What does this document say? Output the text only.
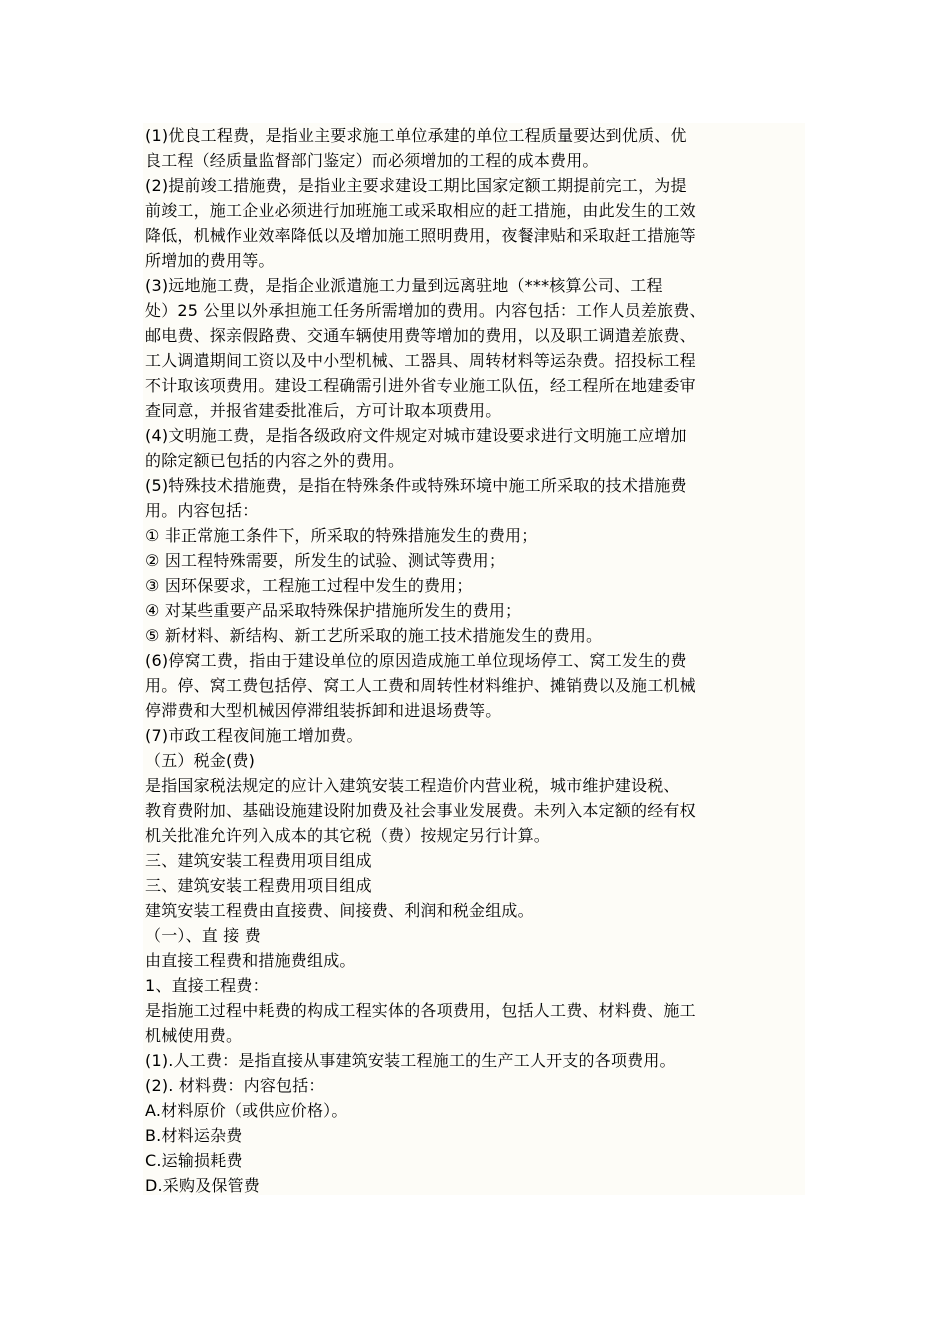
(1)优良工程费，是指业主要求施工单位承建的单位工程质量要达到优质、优
良工程（经质量监督部门鉴定）而必须增加的工程的成本费用。
(2)提前竣工措施费，是指业主要求建设工期比国家定额工期提前完工，为提
前竣工，施工企业必须进行加班施工或采取相应的赶工措施，由此发生的工效
降低，机械作业效率降低以及增加施工照明费用，夜餐津贴和采取赶工措施等
所增加的费用等。
(3)远地施工费，是指企业派遣施工力量到远离驻地（***核算公司、工程
处）25 公里以外承担施工任务所需增加的费用。内容包括：工作人员差旅费、
邮电费、探亲假路费、交通车辆使用费等增加的费用，以及职工调遣差旅费、
工人调遣期间工资以及中小型机械、工器具、周转材料等运杂费。招投标工程
不计取该项费用。建设工程确需引进外省专业施工队伍，经工程所在地建委审
查同意，并报省建委批准后，方可计取本项费用。
(4)文明施工费，是指各级政府文件规定对城市建设要求进行文明施工应增加
的除定额已包括的内容之外的费用。
(5)特殊技术措施费，是指在特殊条件或特殊环境中施工所采取的技术措施费
用。内容包括：
① 非正常施工条件下，所采取的特殊措施发生的费用；
② 因工程特殊需要，所发生的试验、测试等费用；
③ 因环保要求，工程施工过程中发生的费用；
④ 对某些重要产品采取特殊保护措施所发生的费用；
⑤ 新材料、新结构、新工艺所采取的施工技术措施发生的费用。
(6)停窝工费，指由于建设单位的原因造成施工单位现场停工、窝工发生的费
用。停、窝工费包括停、窝工人工费和周转性材料维护、摊销费以及施工机械
停滞费和大型机械因停滞组装拆卸和进退场费等。
(7)市政工程夜间施工增加费。
（五）税金(费)
是指国家税法规定的应计入建筑安装工程造价内营业税，城市维护建设税、
教育费附加、基础设施建设附加费及社会事业发展费。未列入本定额的经有权
机关批准允许列入成本的其它税（费）按规定另行计算。
三、建筑安装工程费用项目组成
三、建筑安装工程费用项目组成
建筑安装工程费由直接费、间接费、利润和税金组成。
（一）、直 接 费
由直接工程费和措施费组成。
1、直接工程费：
是指施工过程中耗费的构成工程实体的各项费用，包括人工费、材料费、施工
机械使用费。
(1).人工费：是指直接从事建筑安装工程施工的生产工人开支的各项费用。
(2). 材料费：内容包括：
A.材料原价（或供应价格）。
B.材料运杂费
C.运输损耗费
D.采购及保管费
